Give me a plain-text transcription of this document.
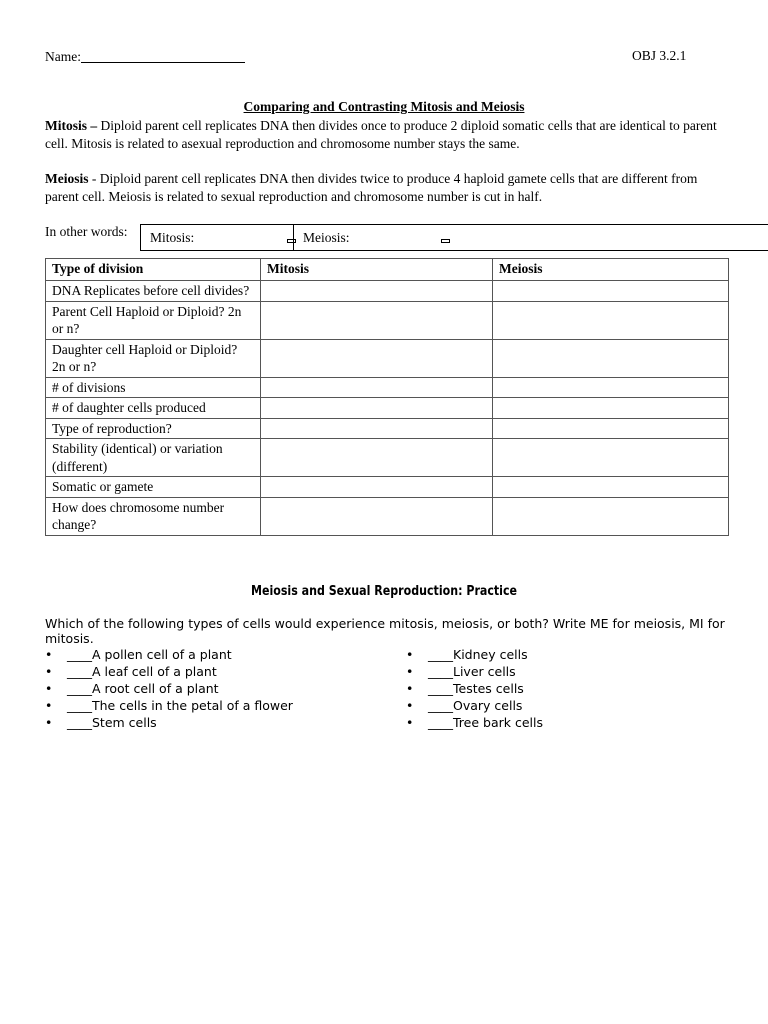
Name:	OBJ 3.2.1
Comparing and Contrasting Mitosis and Meiosis
Mitosis – Diploid parent cell replicates DNA then divides once to produce 2 diploid somatic cells that are identical to parent cell. Mitosis is related to asexual reproduction and chromosome number stays the same.
Meiosis - Diploid parent cell replicates DNA then divides twice to produce 4 haploid gamete cells that are different from parent cell. Meiosis is related to sexual reproduction and chromosome number is cut in half.
In other words: Mitosis:	Meiosis:
Type of division	Mitosis	Meiosis
DNA Replicates before cell divides?		
Parent Cell Haploid or Diploid? 2n or n?		
Daughter cell Haploid or Diploid? 2n or n?		
# of divisions		
# of daughter cells produced		
Type of reproduction?		
Stability (identical) or variation (different)		
Somatic or gamete		
How does chromosome number change?		
Meiosis and Sexual Reproduction: Practice
Which of the following types of cells would experience mitosis, meiosis, or both? Write ME for meiosis, MI for mitosis.
• ____A pollen cell of a plant
• ____A leaf cell of a plant
• ____A root cell of a plant
• ____The cells in the petal of a flower
• ____Stem cells
• ____Kidney cells
• ____Liver cells
• ____Testes cells
• ____Ovary cells
• ____Tree bark cells
